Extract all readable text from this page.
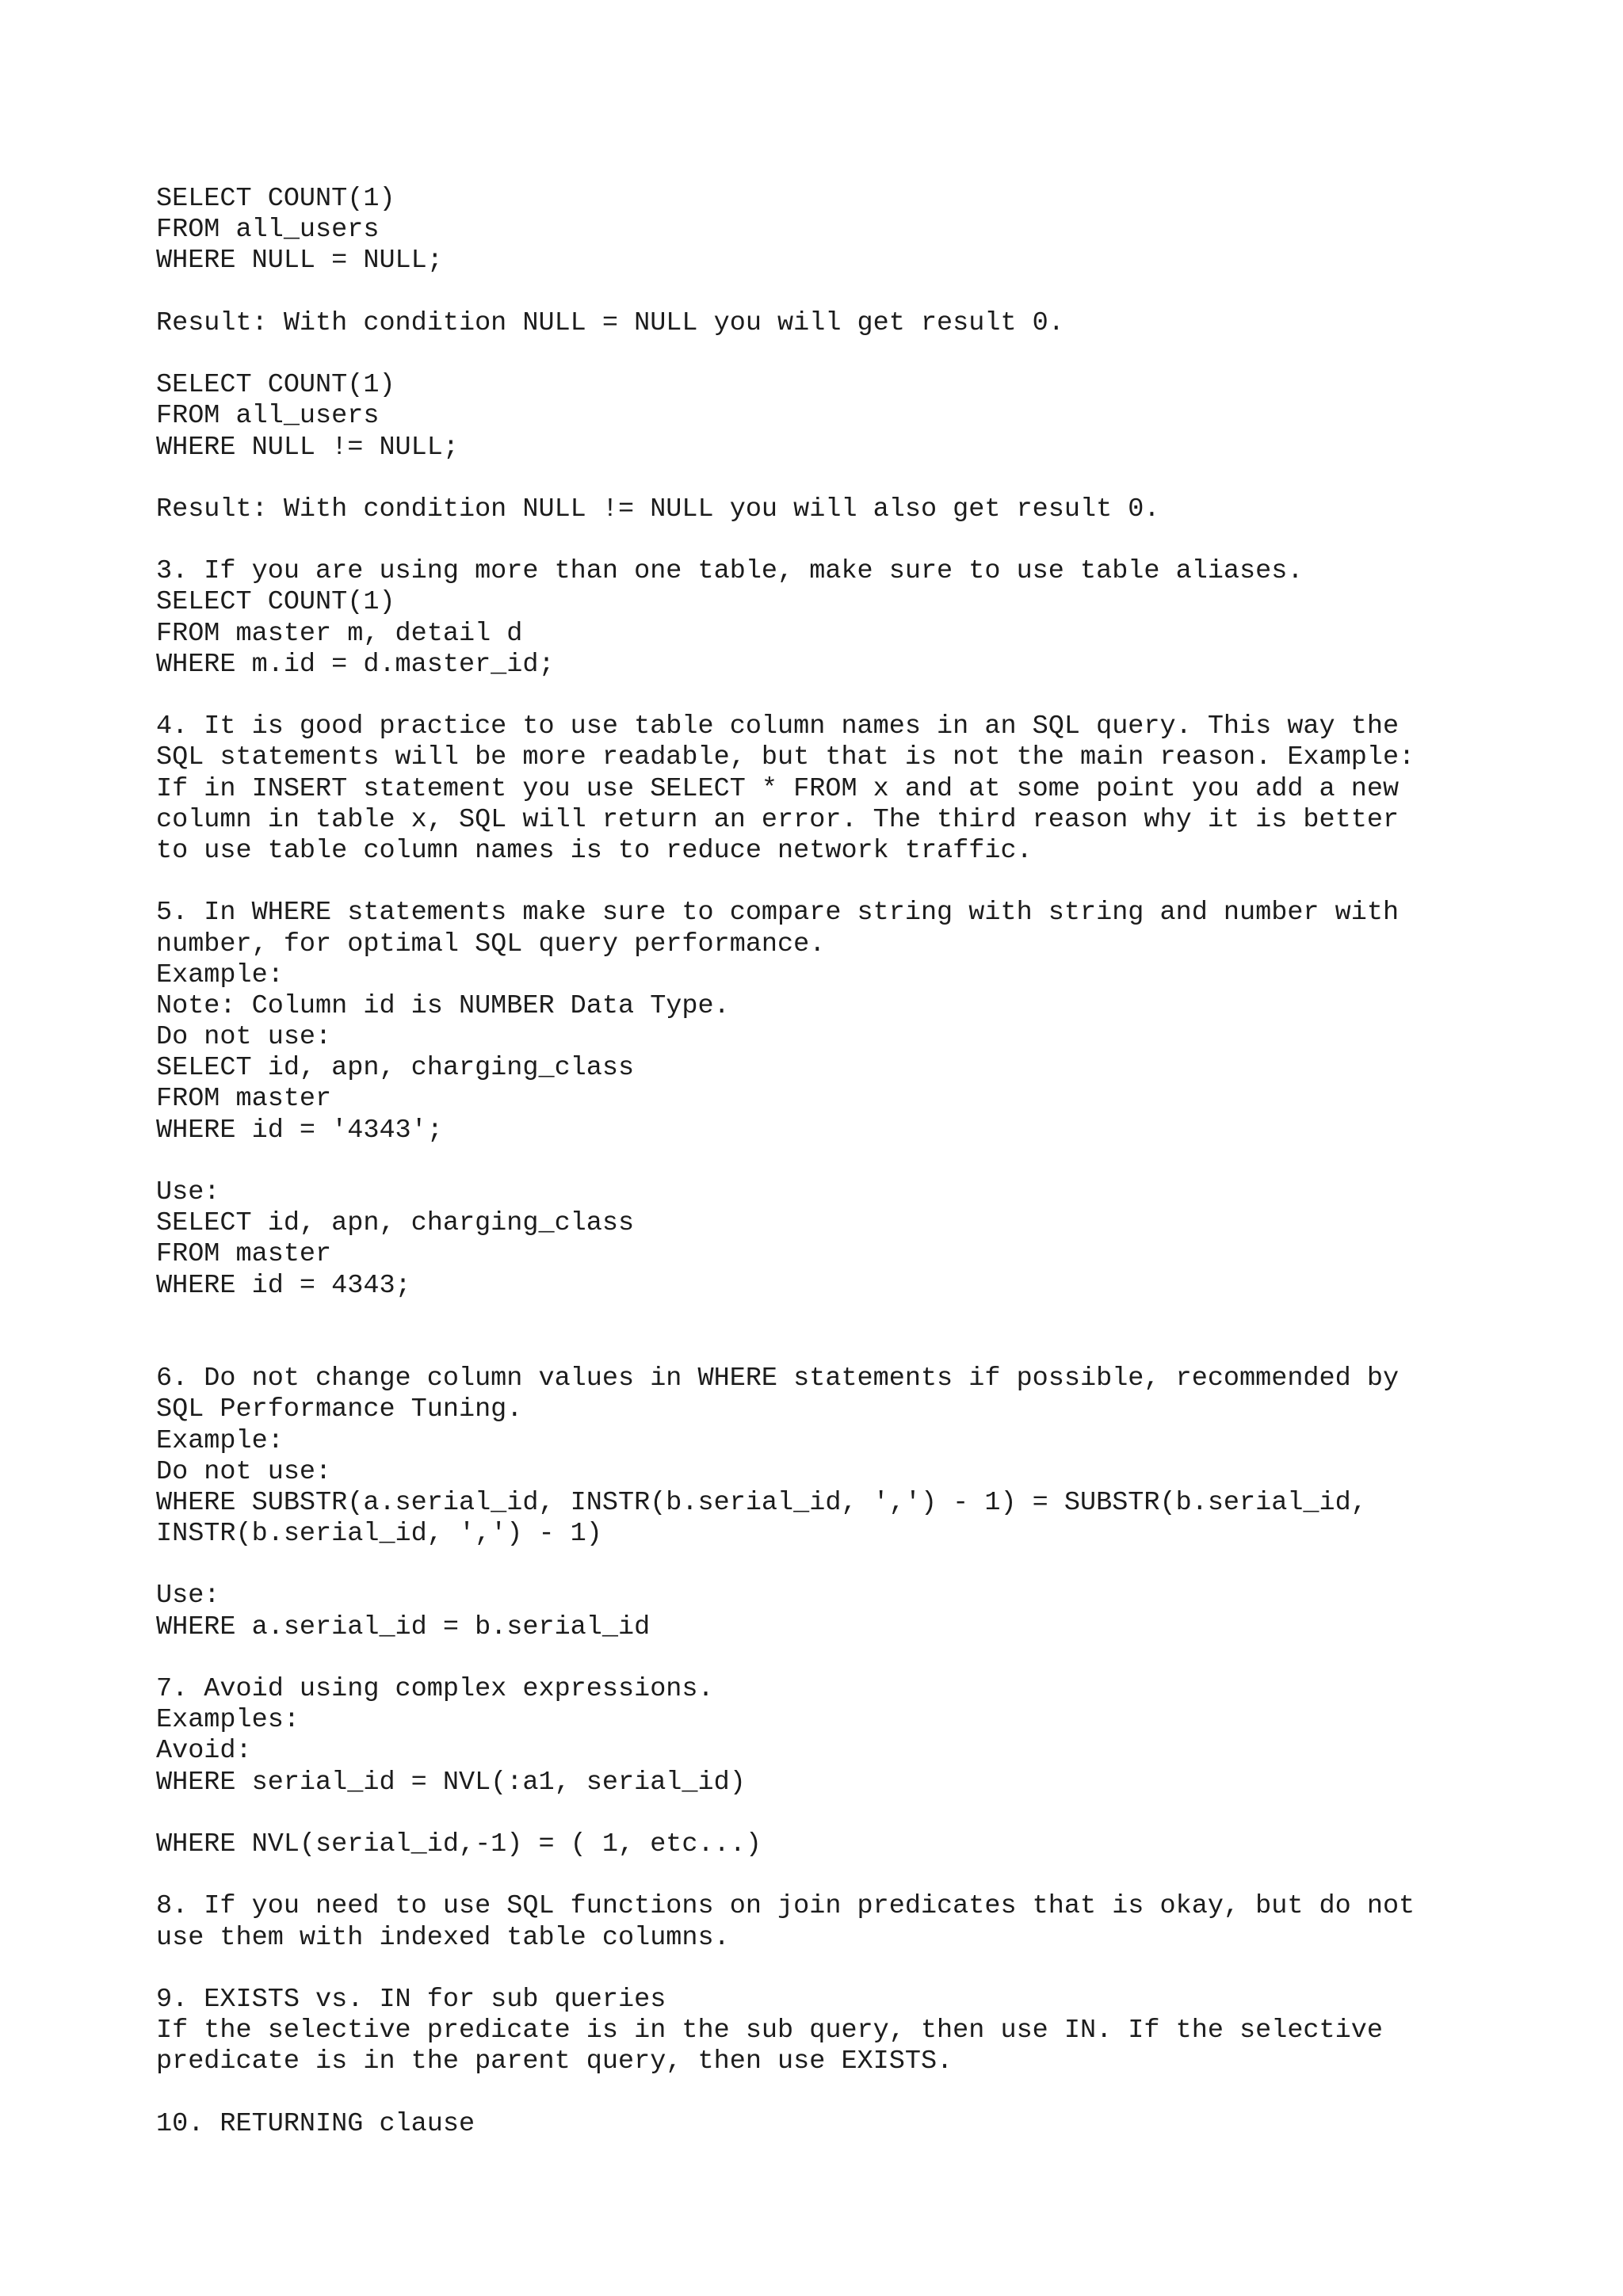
SELECT COUNT(1)
FROM all_users
WHERE NULL = NULL;
Result: With condition NULL = NULL you will get result 0.
SELECT COUNT(1)
FROM all_users
WHERE NULL != NULL;
Result: With condition NULL != NULL you will also get result 0.
3. If you are using more than one table, make sure to use table aliases.
SELECT COUNT(1)
FROM master m, detail d
WHERE m.id = d.master_id;
4. It is good practice to use table column names in an SQL query. This way the
SQL statements will be more readable, but that is not the main reason. Example:
If in INSERT statement you use SELECT * FROM x and at some point you add a new
column in table x, SQL will return an error. The third reason why it is better
to use table column names is to reduce network traffic.
5. In WHERE statements make sure to compare string with string and number with
number, for optimal SQL query performance.
Example:
Note: Column id is NUMBER Data Type.
Do not use:
SELECT id, apn, charging_class
FROM master
WHERE id = '4343';
Use:
SELECT id, apn, charging_class
FROM master
WHERE id = 4343;
6. Do not change column values in WHERE statements if possible, recommended by
SQL Performance Tuning.
Example:
Do not use:
WHERE SUBSTR(a.serial_id, INSTR(b.serial_id, ',') - 1) = SUBSTR(b.serial_id,
INSTR(b.serial_id, ',') - 1)
Use:
WHERE a.serial_id = b.serial_id
7. Avoid using complex expressions.
Examples:
Avoid:
WHERE serial_id = NVL(:a1, serial_id)
WHERE NVL(serial_id,-1) = ( 1, etc...)
8. If you need to use SQL functions on join predicates that is okay, but do not
use them with indexed table columns.
9. EXISTS vs. IN for sub queries
If the selective predicate is in the sub query, then use IN. If the selective
predicate is in the parent query, then use EXISTS.
10. RETURNING clause
